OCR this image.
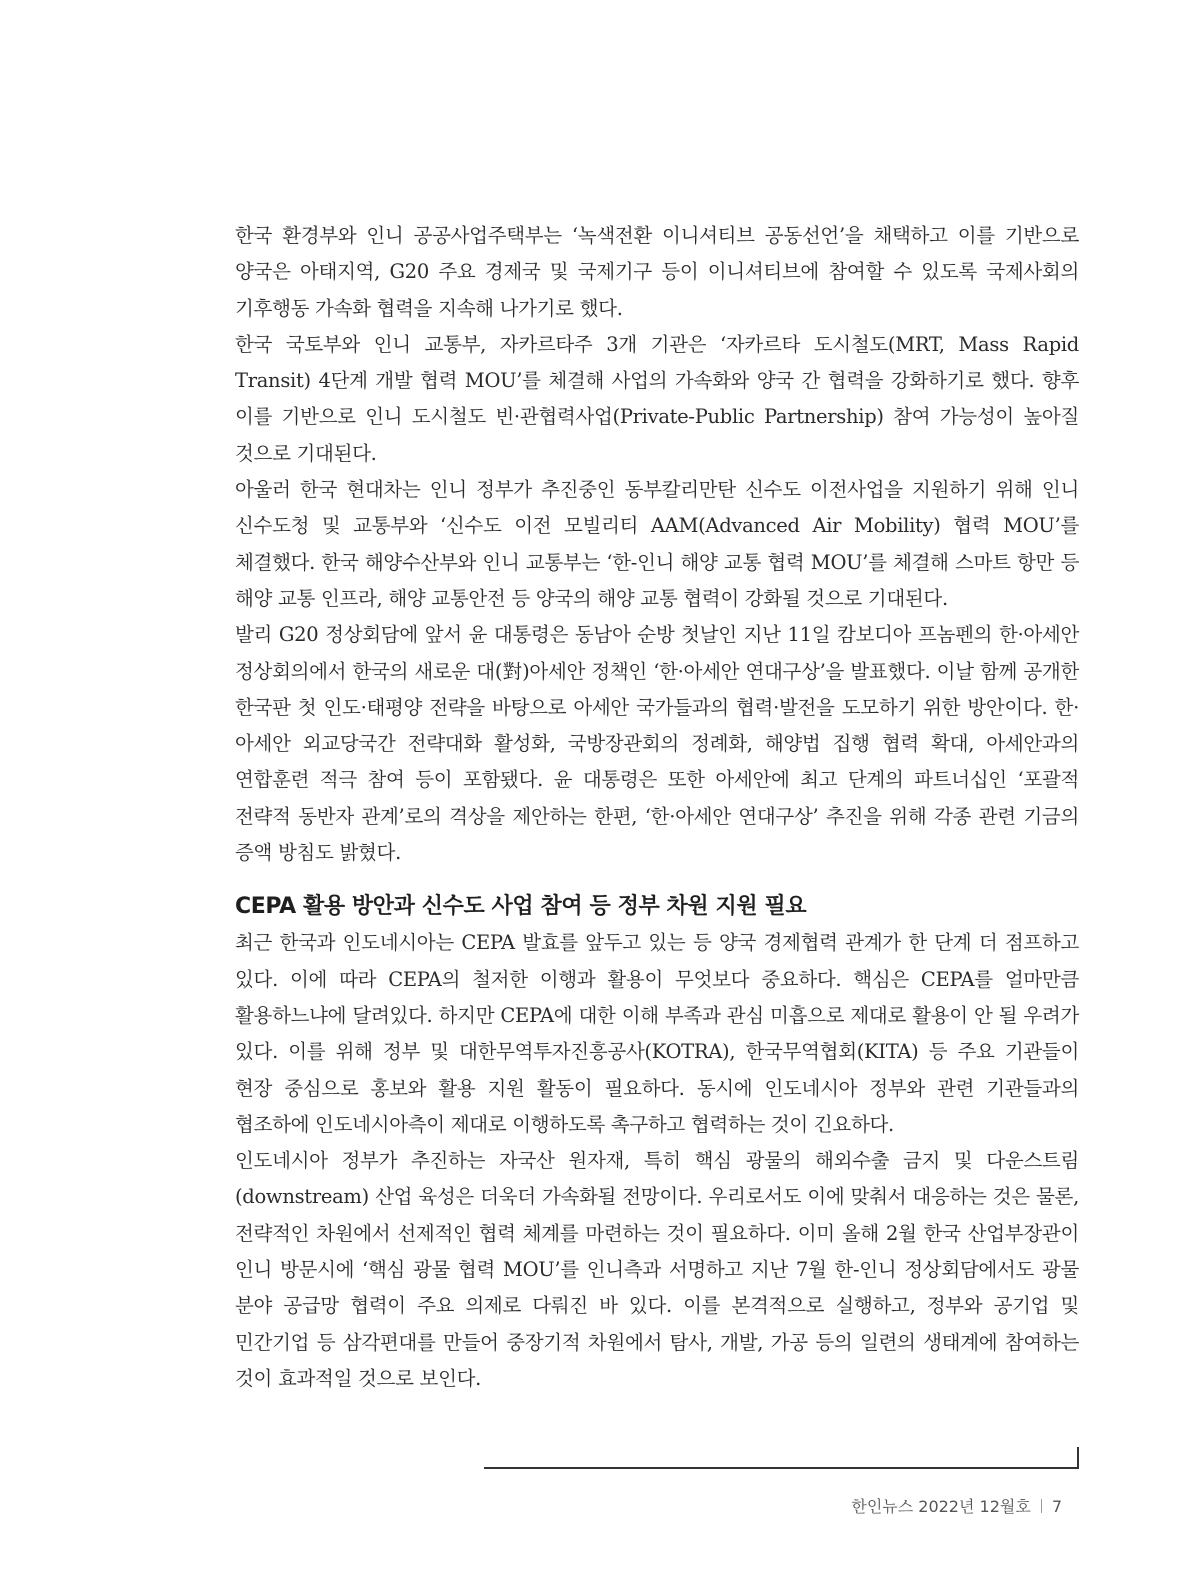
한국 환경부와 인니 공공사업주택부는 ‘녹색전환 이니셔티브 공동선언’을 채택하고 이를 기반으로 양국은 아태지역, G20 주요 경제국 및 국제기구 등이 이니셔티브에 참여할 수 있도록 국제사회의 기후행동 가속화 협력을 지속해 나가기로 했다.

한국 국토부와 인니 교통부, 자카르타주 3개 기관은 ‘자카르타 도시철도(MRT, Mass Rapid Transit) 4단계 개발 협력 MOU’를 체결해 사업의 가속화와 양국 간 협력을 강화하기로 했다. 향후 이를 기반으로 인니 도시철도 빈·관협력사업(Private-Public Partnership) 참여 가능성이 높아질 것으로 기대된다.

아울러 한국 현대차는 인니 정부가 추진중인 동부칼리만탄 신수도 이전사업을 지원하기 위해 인니 신수도청 및 교통부와 ‘신수도 이전 모빌리티 AAM(Advanced Air Mobility) 협력 MOU’를 체결했다. 한국 해양수산부와 인니 교통부는 ‘한-인니 해양 교통 협력 MOU’를 체결해 스마트 항만 등 해양 교통 인프라, 해양 교통안전 등 양국의 해양 교통 협력이 강화될 것으로 기대된다.

발리 G20 정상회담에 앞서 윤 대통령은 동남아 순방 첫날인 지난 11일 캄보디아 프놈펜의 한·아세안 정상회의에서 한국의 새로운 대(對)아세안 정책인 ‘한·아세안 연대구상’을 발표했다. 이날 함께 공개한 한국판 첫 인도·태평양 전략을 바탕으로 아세안 국가들과의 협력·발전을 도모하기 위한 방안이다. 한·아세안 외교당국간 전략대화 활성화, 국방장관회의 정례화, 해양법 집행 협력 확대, 아세안과의 연합훈련 적극 참여 등이 포함됐다. 윤 대통령은 또한 아세안에 최고 단계의 파트너십인 ‘포괄적 전략적 동반자 관계’로의 격상을 제안하는 한편, ‘한·아세안 연대구상’ 추진을 위해 각종 관련 기금의 증액 방침도 밝혔다.

CEPA 활용 방안과 신수도 사업 참여 등 정부 차원 지원 필요

최근 한국과 인도네시아는 CEPA 발효를 앞두고 있는 등 양국 경제협력 관계가 한 단계 더 점프하고 있다. 이에 따라 CEPA의 철저한 이행과 활용이 무엇보다 중요하다. 핵심은 CEPA를 얼마만큼 활용하느냐에 달려있다. 하지만 CEPA에 대한 이해 부족과 관심 미흡으로 제대로 활용이 안 될 우려가 있다. 이를 위해 정부 및 대한무역투자진흥공사(KOTRA), 한국무역협회(KITA) 등 주요 기관들이 현장 중심으로 홍보와 활용 지원 활동이 필요하다. 동시에 인도네시아 정부와 관련 기관들과의 협조하에 인도네시아측이 제대로 이행하도록 촉구하고 협력하는 것이 긴요하다.

인도네시아 정부가 추진하는 자국산 원자재, 특히 핵심 광물의 해외수출 금지 및 다운스트림(downstream) 산업 육성은 더욱더 가속화될 전망이다. 우리로서도 이에 맞춰서 대응하는 것은 물론, 전략적인 차원에서 선제적인 협력 체계를 마련하는 것이 필요하다. 이미 올해 2월 한국 산업부장관이 인니 방문시에 ‘핵심 광물 협력 MOU’를 인니측과 서명하고 지난 7월 한-인니 정상회담에서도 광물 분야 공급망 협력이 주요 의제로 다뤄진 바 있다. 이를 본격적으로 실행하고, 정부와 공기업 및 민간기업 등 삼각편대를 만들어 중장기적 차원에서 탐사, 개발, 가공 등의 일련의 생태계에 참여하는 것이 효과적일 것으로 보인다.

한인뉴스 2022년 12월호 7
